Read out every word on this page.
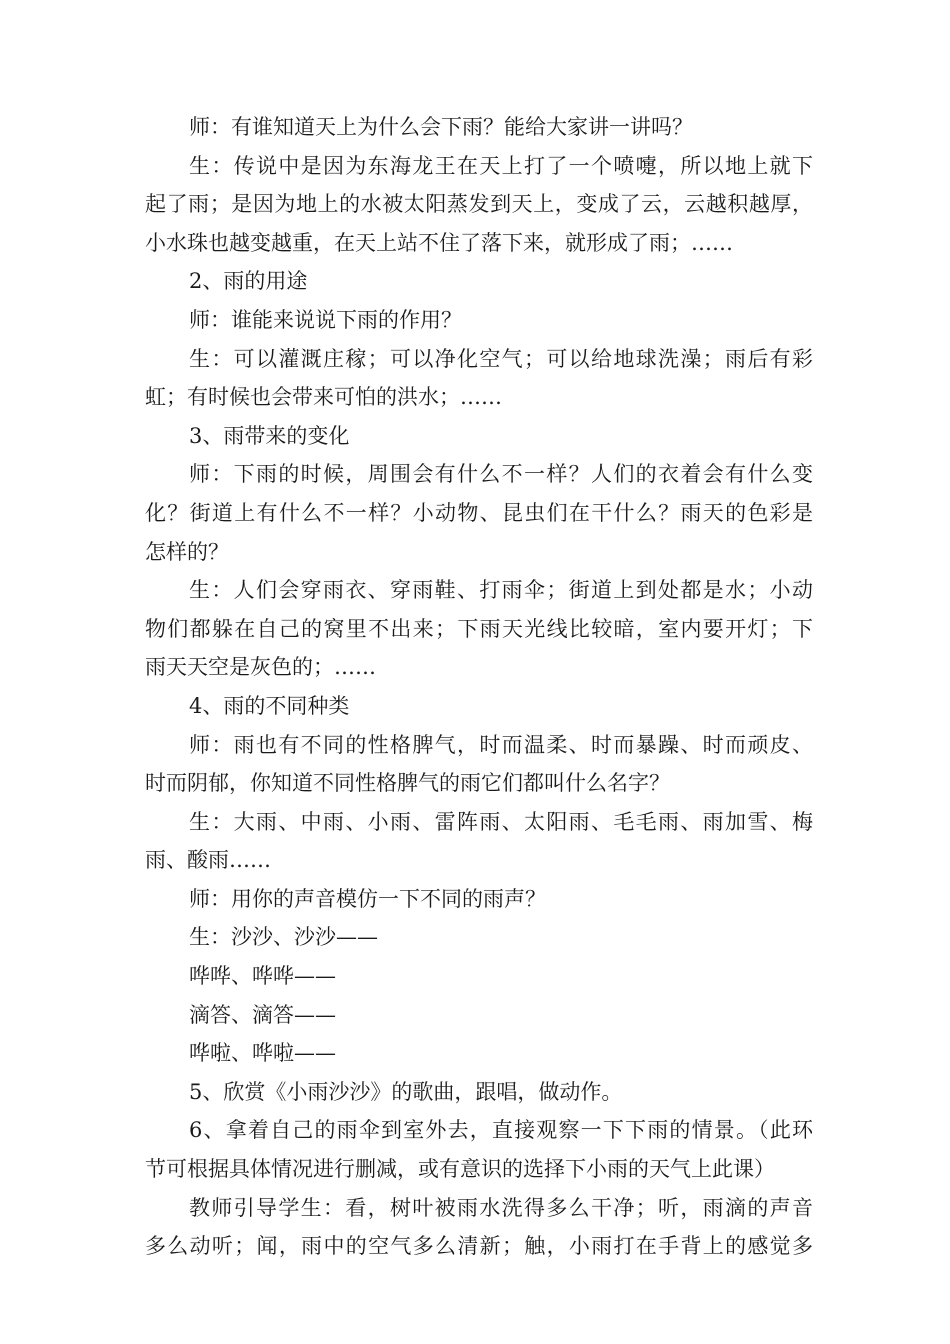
师：有谁知道天上为什么会下雨？能给大家讲一讲吗？
生：传说中是因为东海龙王在天上打了一个喷嚏，所以地上就下
起了雨；是因为地上的水被太阳蒸发到天上，变成了云，云越积越厚，
小水珠也越变越重，在天上站不住了落下来，就形成了雨；……
2、雨的用途
师：谁能来说说下雨的作用？
生：可以灌溉庄稼；可以净化空气；可以给地球洗澡；雨后有彩
虹；有时候也会带来可怕的洪水；……
3、雨带来的变化
师：下雨的时候，周围会有什么不一样？人们的衣着会有什么变
化？街道上有什么不一样？小动物、昆虫们在干什么？雨天的色彩是
怎样的？
生：人们会穿雨衣、穿雨鞋、打雨伞；街道上到处都是水；小动
物们都躲在自己的窝里不出来；下雨天光线比较暗，室内要开灯；下
雨天天空是灰色的；……
4、雨的不同种类
师：雨也有不同的性格脾气，时而温柔、时而暴躁、时而顽皮、
时而阴郁，你知道不同性格脾气的雨它们都叫什么名字？
生：大雨、中雨、小雨、雷阵雨、太阳雨、毛毛雨、雨加雪、梅
雨、酸雨……
师：用你的声音模仿一下不同的雨声？
生：沙沙、沙沙——
哗哗、哗哗——
滴答、滴答——
哗啦、哗啦——
5、欣赏《小雨沙沙》的歌曲，跟唱，做动作。
6、拿着自己的雨伞到室外去，直接观察一下下雨的情景。（此环
节可根据具体情况进行删减，或有意识的选择下小雨的天气上此课）
教师引导学生：看，树叶被雨水洗得多么干净；听，雨滴的声音
多么动听；闻，雨中的空气多么清新；触，小雨打在手背上的感觉多
